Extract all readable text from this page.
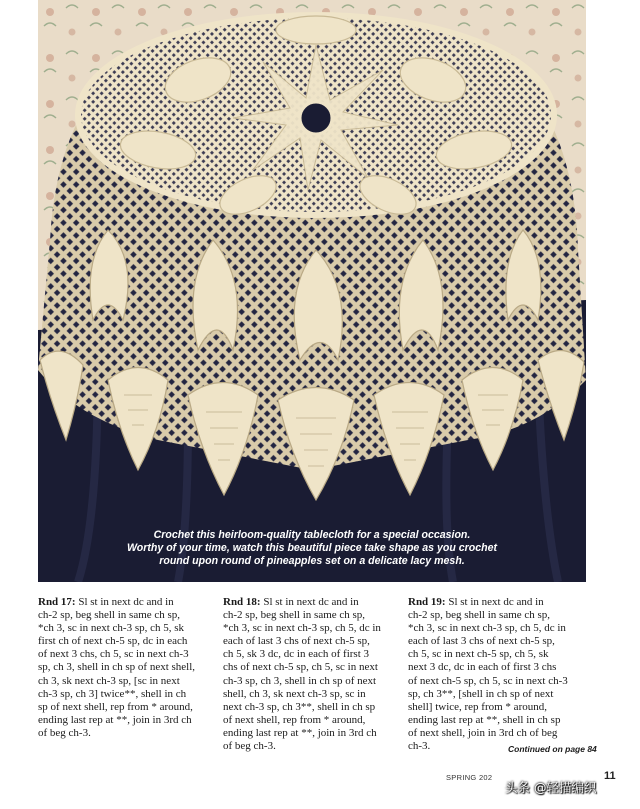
Crochet this heirloom-quality tablecloth for a special occasion.
Worthy of your time, watch this beautiful piece take shape as you crochet
round upon round of pineapples set on a delicate lacy mesh.
Rnd 17: Sl st in next dc and in
ch-2 sp, beg shell in same ch sp,
*ch 3, sc in next ch-3 sp, ch 5, sk
first ch of next ch-5 sp, dc in each
of next 3 chs, ch 5, sc in next ch-3
sp, ch 3, shell in ch sp of next shell,
ch 3, sk next ch-3 sp, [sc in next
ch-3 sp, ch 3] twice**, shell in ch
sp of next shell, rep from * around,
ending last rep at **, join in 3rd ch
of beg ch-3.
Rnd 18: Sl st in next dc and in
ch-2 sp, beg shell in same ch sp,
*ch 3, sc in next ch-3 sp, ch 5, dc in
each of last 3 chs of next ch-5 sp,
ch 5, sk 3 dc, dc in each of first 3
chs of next ch-5 sp, ch 5, sc in next
ch-3 sp, ch 3, shell in ch sp of next
shell, ch 3, sk next ch-3 sp, sc in
next ch-3 sp, ch 3**, shell in ch sp
of next shell, rep from * around,
ending last rep at **, join in 3rd ch
of beg ch-3.
Rnd 19: Sl st in next dc and in
ch-2 sp, beg shell in same ch sp,
*ch 3, sc in next ch-3 sp, ch 5, dc in
each of last 3 chs of next ch-5 sp,
ch 5, sc in next ch-5 sp, ch 5, sk
next 3 dc, dc in each of first 3 chs
of next ch-5 sp, ch 5, sc in next ch-3
sp, ch 3**, [shell in ch sp of next
shell] twice, rep from * around,
ending last rep at **, shell in ch sp
of next shell, join in 3rd ch of beg
ch-3.	Continued on page 84
SPRING 202	11
头条 @轻描编织
